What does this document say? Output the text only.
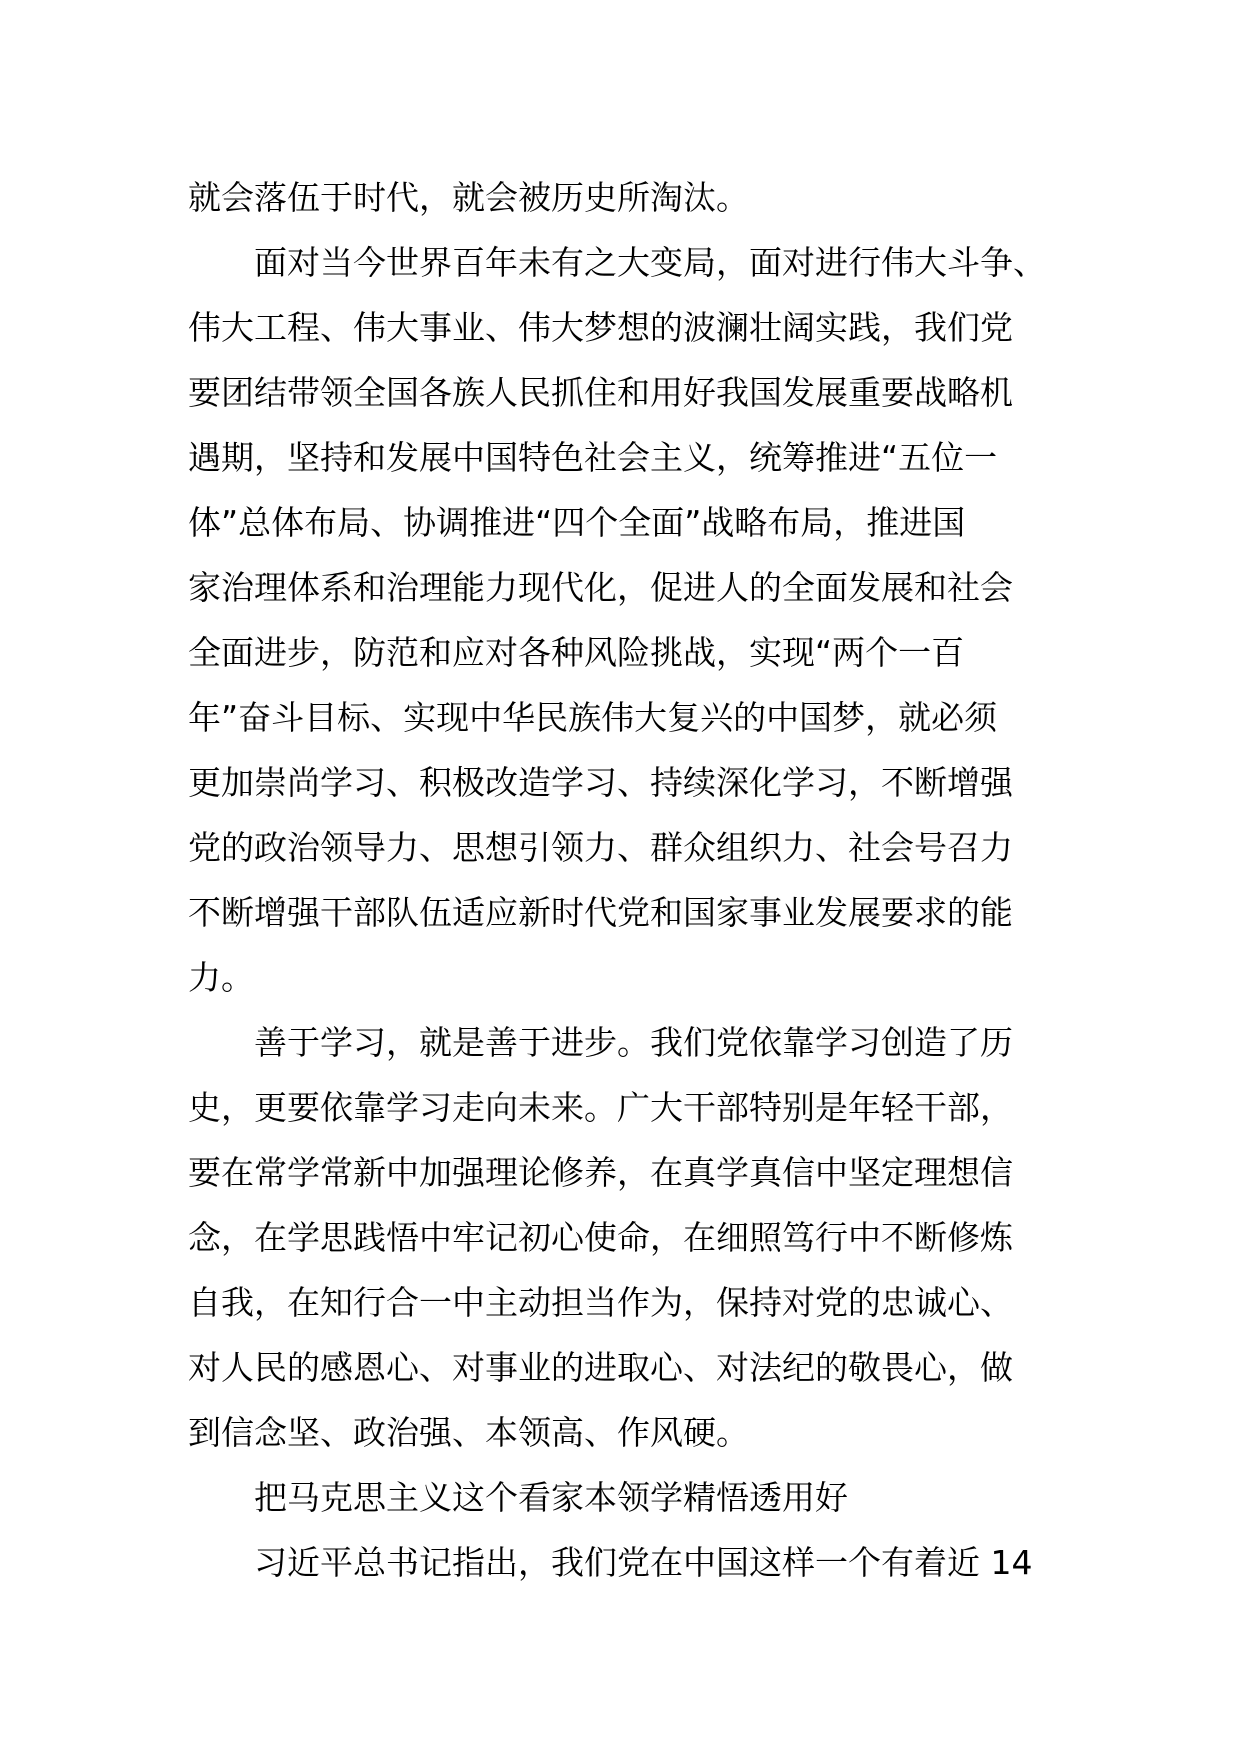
就会落伍于时代，就会被历史所淘汰。
面对当今世界百年未有之大变局，面对进行伟大斗争、
伟大工程、伟大事业、伟大梦想的波澜壮阔实践，我们党
要团结带领全国各族人民抓住和用好我国发展重要战略机
遇期，坚持和发展中国特色社会主义，统筹推进“五位一
体”总体布局、协调推进“四个全面”战略布局，推进国
家治理体系和治理能力现代化，促进人的全面发展和社会
全面进步，防范和应对各种风险挑战，实现“两个一百
年”奋斗目标、实现中华民族伟大复兴的中国梦，就必须
更加崇尚学习、积极改造学习、持续深化学习，不断增强
党的政治领导力、思想引领力、群众组织力、社会号召力
不断增强干部队伍适应新时代党和国家事业发展要求的能
力。
善于学习，就是善于进步。我们党依靠学习创造了历
史，更要依靠学习走向未来。广大干部特别是年轻干部，
要在常学常新中加强理论修养，在真学真信中坚定理想信
念，在学思践悟中牢记初心使命，在细照笃行中不断修炼
自我，在知行合一中主动担当作为，保持对党的忠诚心、
对人民的感恩心、对事业的进取心、对法纪的敬畏心，做
到信念坚、政治强、本领高、作风硬。
把马克思主义这个看家本领学精悟透用好
习近平总书记指出，我们党在中国这样一个有着近 14
